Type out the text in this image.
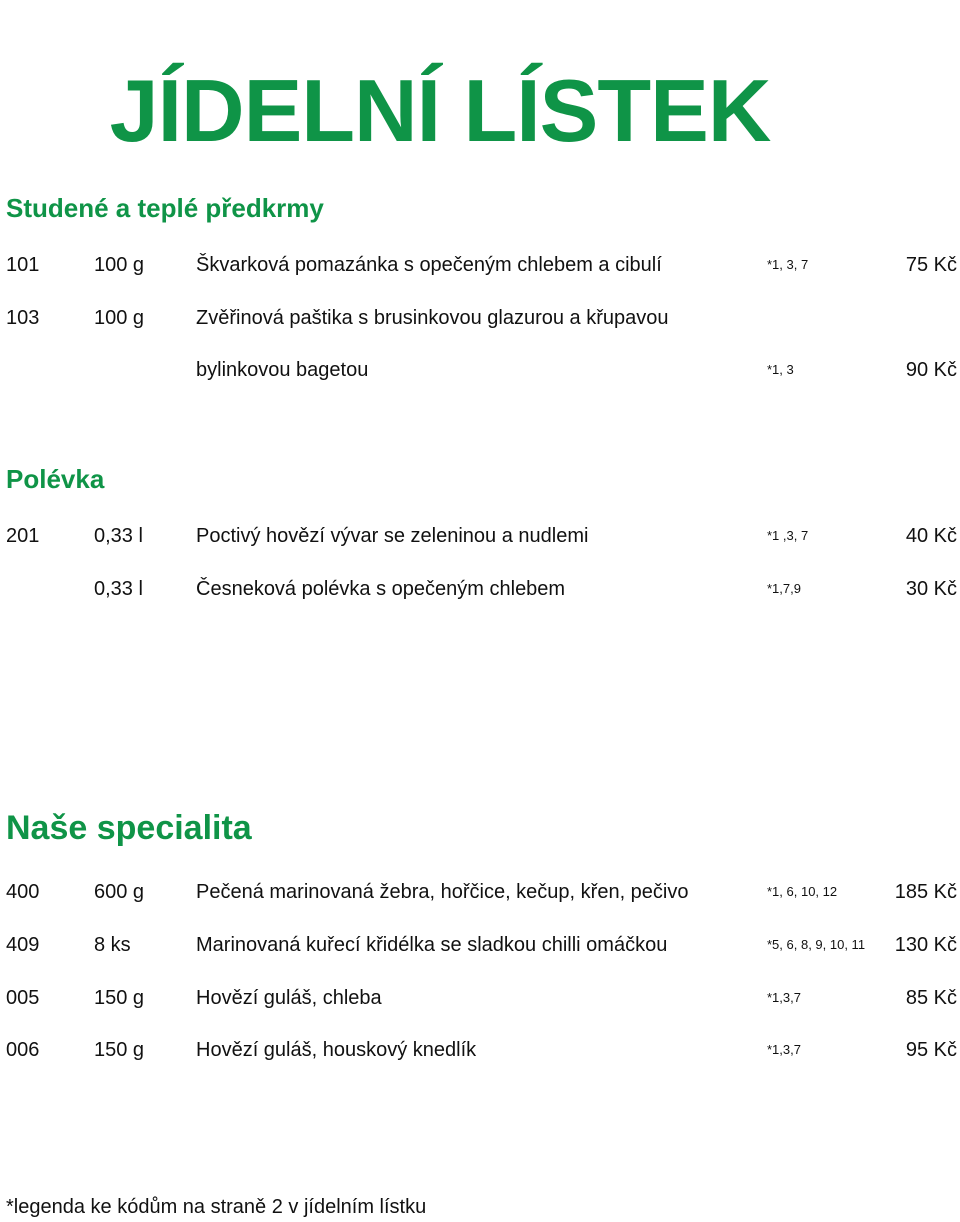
JÍDELNÍ LÍSTEK
Studené a teplé předkrmy
101	100 g	Škvarková pomazánka s opečeným chlebem a cibulí	*1, 3, 7	75 Kč
103	100 g	Zvěřinová paštika s brusinkovou glazurou a křupavou
bylinkovou bagetou	*1, 3	90 Kč
Polévka
201	0,33 l	Poctivý hovězí vývar se zeleninou a nudlemi	*1 ,3, 7	40 Kč
0,33 l	Česneková polévka s opečeným chlebem	*1,7,9	30 Kč
Naše specialita
400	600 g	Pečená marinovaná žebra, hořčice, kečup, křen, pečivo	*1, 6, 10, 12	185 Kč
409	8 ks	Marinovaná kuřecí křidélka se sladkou chilli omáčkou	*5, 6, 8, 9, 10, 11 130 Kč
005	150 g	Hovězí guláš, chleba	*1,3,7	85 Kč
006	150 g	Hovězí guláš, houskový knedlík	*1,3,7	95 Kč
*legenda ke kódům na straně 2 v jídelním lístku
